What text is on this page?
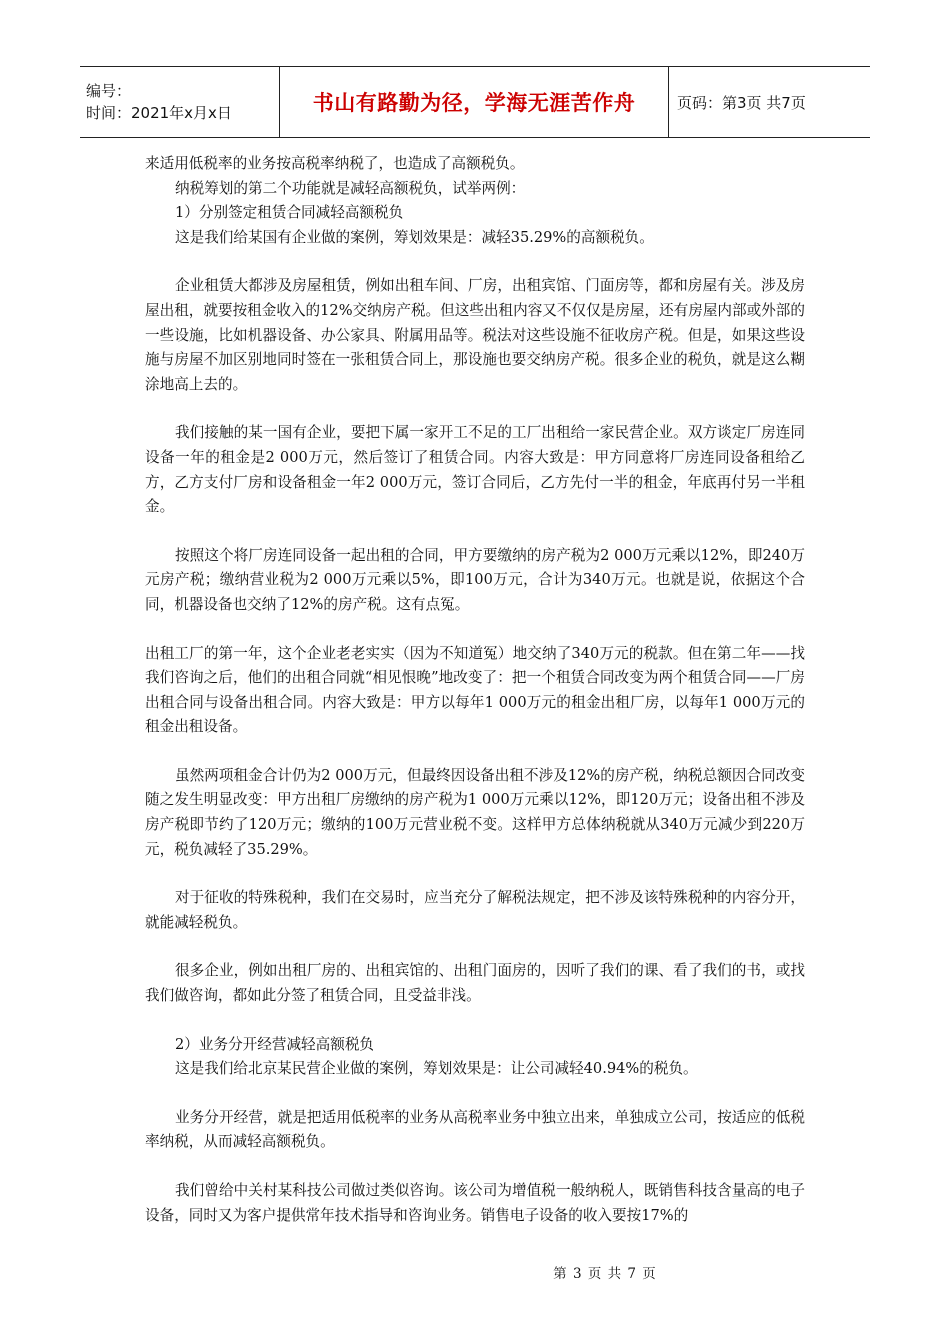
编号：
时间：2021年x月x日	书山有路勤为径，学海无涯苦作舟	页码：第3页 共7页

来适用低税率的业务按高税率纳税了，也造成了高额税负。

纳税筹划的第二个功能就是减轻高额税负，试举两例：

1）分别签定租赁合同减轻高额税负

这是我们给某国有企业做的案例，筹划效果是：减轻35.29%的高额税负。

企业租赁大都涉及房屋租赁，例如出租车间、厂房，出租宾馆、门面房等，都和房屋有关。涉及房屋出租，就要按租金收入的12%交纳房产税。但这些出租内容又不仅仅是房屋，还有房屋内部或外部的一些设施，比如机器设备、办公家具、附属用品等。税法对这些设施不征收房产税。但是，如果这些设施与房屋不加区别地同时签在一张租赁合同上，那设施也要交纳房产税。很多企业的税负，就是这么糊涂地高上去的。

我们接触的某一国有企业，要把下属一家开工不足的工厂出租给一家民营企业。双方谈定厂房连同设备一年的租金是2 000万元，然后签订了租赁合同。内容大致是：甲方同意将厂房连同设备租给乙方，乙方支付厂房和设备租金一年2 000万元，签订合同后，乙方先付一半的租金，年底再付另一半租金。

按照这个将厂房连同设备一起出租的合同，甲方要缴纳的房产税为2 000万元乘以12%，即240万元房产税；缴纳营业税为2 000万元乘以5%，即100万元，合计为340万元。也就是说，依据这个合同，机器设备也交纳了12%的房产税。这有点冤。

出租工厂的第一年，这个企业老老实实（因为不知道冤）地交纳了340万元的税款。但在第二年——找我们咨询之后，他们的出租合同就“相见恨晚”地改变了：把一个租赁合同改变为两个租赁合同——厂房出租合同与设备出租合同。内容大致是：甲方以每年1 000万元的租金出租厂房，以每年1 000万元的租金出租设备。

虽然两项租金合计仍为2 000万元，但最终因设备出租不涉及12%的房产税，纳税总额因合同改变随之发生明显改变：甲方出租厂房缴纳的房产税为1 000万元乘以12%，即120万元；设备出租不涉及房产税即节约了120万元；缴纳的100万元营业税不变。这样甲方总体纳税就从340万元减少到220万元，税负减轻了35.29%。

对于征收的特殊税种，我们在交易时，应当充分了解税法规定，把不涉及该特殊税种的内容分开，就能减轻税负。

很多企业，例如出租厂房的、出租宾馆的、出租门面房的，因听了我们的课、看了我们的书，或找我们做咨询，都如此分签了租赁合同，且受益非浅。

2）业务分开经营减轻高额税负

这是我们给北京某民营企业做的案例，筹划效果是：让公司减轻40.94%的税负。

业务分开经营，就是把适用低税率的业务从高税率业务中独立出来，单独成立公司，按适应的低税率纳税，从而减轻高额税负。

我们曾给中关村某科技公司做过类似咨询。该公司为增值税一般纳税人，既销售科技含量高的电子设备，同时又为客户提供常年技术指导和咨询业务。销售电子设备的收入要按17%的

第 3 页 共 7 页
